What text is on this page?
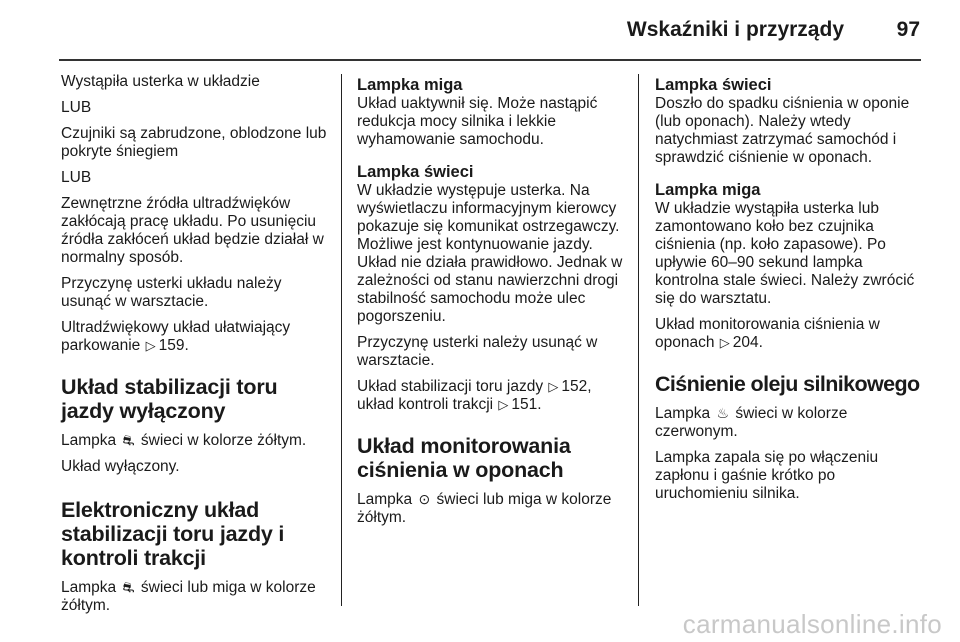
Wskaźniki i przyrządy	97

Wystąpiła usterka w układzie

LUB

Czujniki są zabrudzone, oblodzone lub pokryte śniegiem

LUB

Zewnętrzne źródła ultradźwięków zakłócają pracę układu. Po usunięciu źródła zakłóceń układ będzie działał w normalny sposób.

Przyczynę usterki układu należy usunąć w warsztacie.

Ultradźwiękowy układ ułatwiający parkowanie ▷ 159.

Układ stabilizacji toru jazdy wyłączony

Lampka ⛐ świeci w kolorze żółtym.

Układ wyłączony.

Elektroniczny układ stabilizacji toru jazdy i kontroli trakcji

Lampka ⛐ świeci lub miga w kolorze żółtym.

Lampka miga

Układ uaktywnił się. Może nastąpić redukcja mocy silnika i lekkie wyhamowanie samochodu.

Lampka świeci

W układzie występuje usterka. Na wyświetlaczu informacyjnym kierowcy pokazuje się komunikat ostrzegawczy. Możliwe jest kontynuowanie jazdy. Układ nie działa prawidłowo. Jednak w zależności od stanu nawierzchni drogi stabilność samochodu może ulec pogorszeniu.

Przyczynę usterki należy usunąć w warsztacie.

Układ stabilizacji toru jazdy ▷ 152, układ kontroli trakcji ▷ 151.

Układ monitorowania ciśnienia w oponach

Lampka ⊙ świeci lub miga w kolorze żółtym.

Lampka świeci

Doszło do spadku ciśnienia w oponie (lub oponach). Należy wtedy natychmiast zatrzymać samochód i sprawdzić ciśnienie w oponach.

Lampka miga

W układzie wystąpiła usterka lub zamontowano koło bez czujnika ciśnienia (np. koło zapasowe). Po upływie 60–90 sekund lampka kontrolna stale świeci. Należy zwrócić się do warsztatu.

Układ monitorowania ciśnienia w oponach ▷ 204.

Ciśnienie oleju silnikowego

Lampka ♨ świeci w kolorze czerwonym.

Lampka zapala się po włączeniu zapłonu i gaśnie krótko po uruchomieniu silnika.

carmanualsonline.info
